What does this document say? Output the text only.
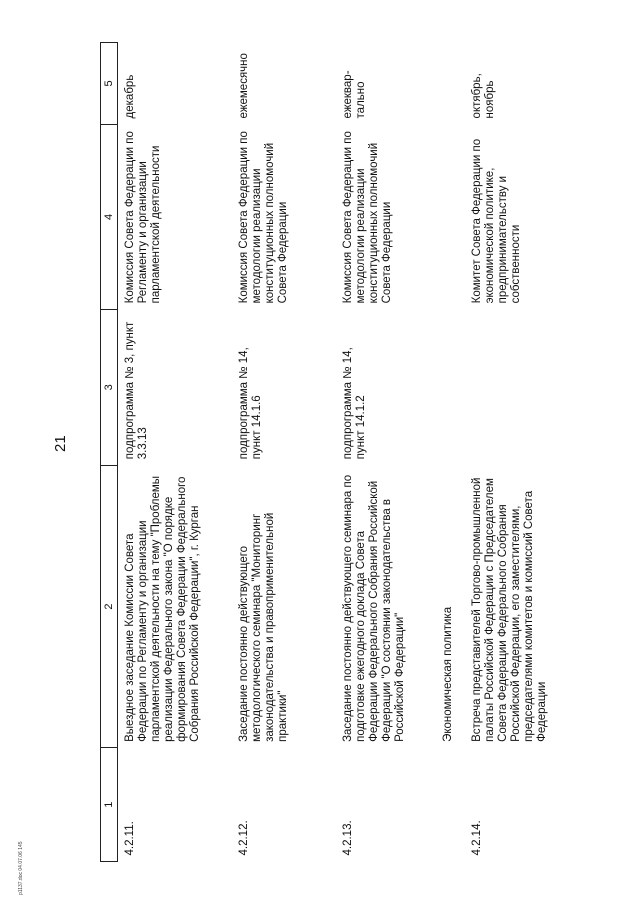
21
1	2	3	4	5
4.2.11.	Выездное заседание Комиссии Совета Федерации по Регламенту и организации парламентской деятельности на тему "Проблемы реализации Федерального закона "О порядке формирования Совета Федерации Федерального Собрания Российской Федерации", г. Курган	подпрограмма № 3, пункт 3.3.13	Комиссия Совета Федерации по Регламенту и организации парламентской деятельности	декабрь
4.2.12.	Заседание постоянно действующего методологического семинара "Мониторинг законодательства и правоприменительной практики"	подпрограмма № 14, пункт 14.1.6	Комиссия Совета Федерации по методологии реализации конституционных полномочий Совета Федерации	ежемесячно
4.2.13.	Заседание постоянно действующего семинара по подготовке ежегодного доклада Совета Федерации Федерального Собрания Российской Федерации "О состоянии законодательства в Российской Федерации"	подпрограмма № 14, пункт 14.1.2	Комиссия Совета Федерации по методологии реализации конституционных полномочий Совета Федерации	ежеквар-тально
	Экономическая политика			
4.2.14.	Встреча представителей Торгово-промышленной палаты Российской Федерации с Председателем Совета Федерации Федерального Собрания Российской Федерации, его заместителями, председателями комитетов и комиссий Совета Федерации		Комитет Совета Федерации по экономической политике, предпринимательству и собственности	октябрь, ноябрь
p1137.doc 04.07.06 145
